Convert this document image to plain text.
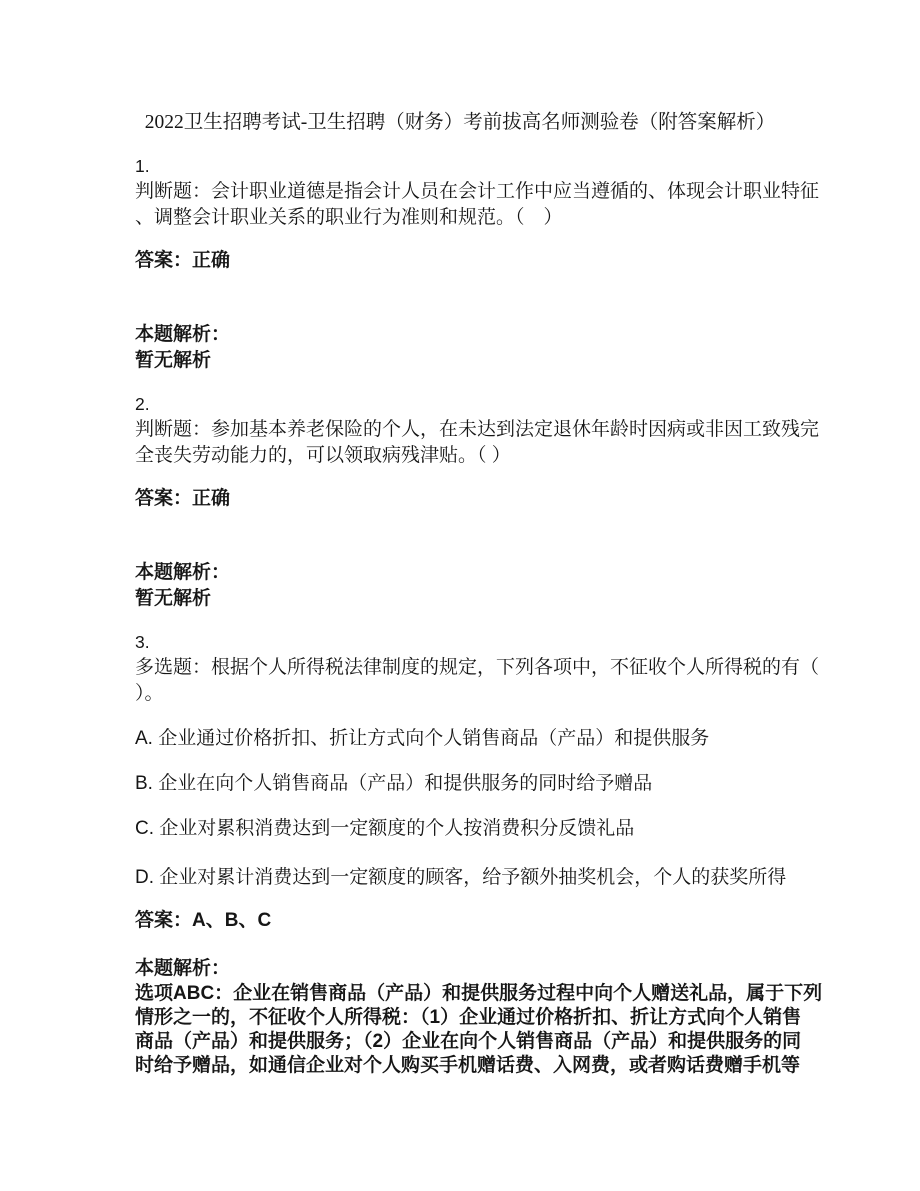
2022卫生招聘考试-卫生招聘（财务）考前拔高名师测验卷（附答案解析）
1.
判断题：会计职业道德是指会计人员在会计工作中应当遵循的、体现会计职业特征
、调整会计职业关系的职业行为准则和规范。（　）
答案：正确
本题解析：
暂无解析
2.
判断题：参加基本养老保险的个人，在未达到法定退休年龄时因病或非因工致残完
全丧失劳动能力的，可以领取病残津贴。（ ）
答案：正确
本题解析：
暂无解析
3.
多选题：根据个人所得税法律制度的规定，下列各项中，不征收个人所得税的有（
）。
A. 企业通过价格折扣、折让方式向个人销售商品（产品）和提供服务
B. 企业在向个人销售商品（产品）和提供服务的同时给予赠品
C. 企业对累积消费达到一定额度的个人按消费积分反馈礼品
D. 企业对累计消费达到一定额度的顾客，给予额外抽奖机会，个人的获奖所得
答案：A、B、C
本题解析：
选项ABC：企业在销售商品（产品）和提供服务过程中向个人赠送礼品，属于下列
情形之一的，不征收个人所得税：（1）企业通过价格折扣、折让方式向个人销售
商品（产品）和提供服务；（2）企业在向个人销售商品（产品）和提供服务的同
时给予赠品，如通信企业对个人购买手机赠话费、入网费，或者购话费赠手机等
